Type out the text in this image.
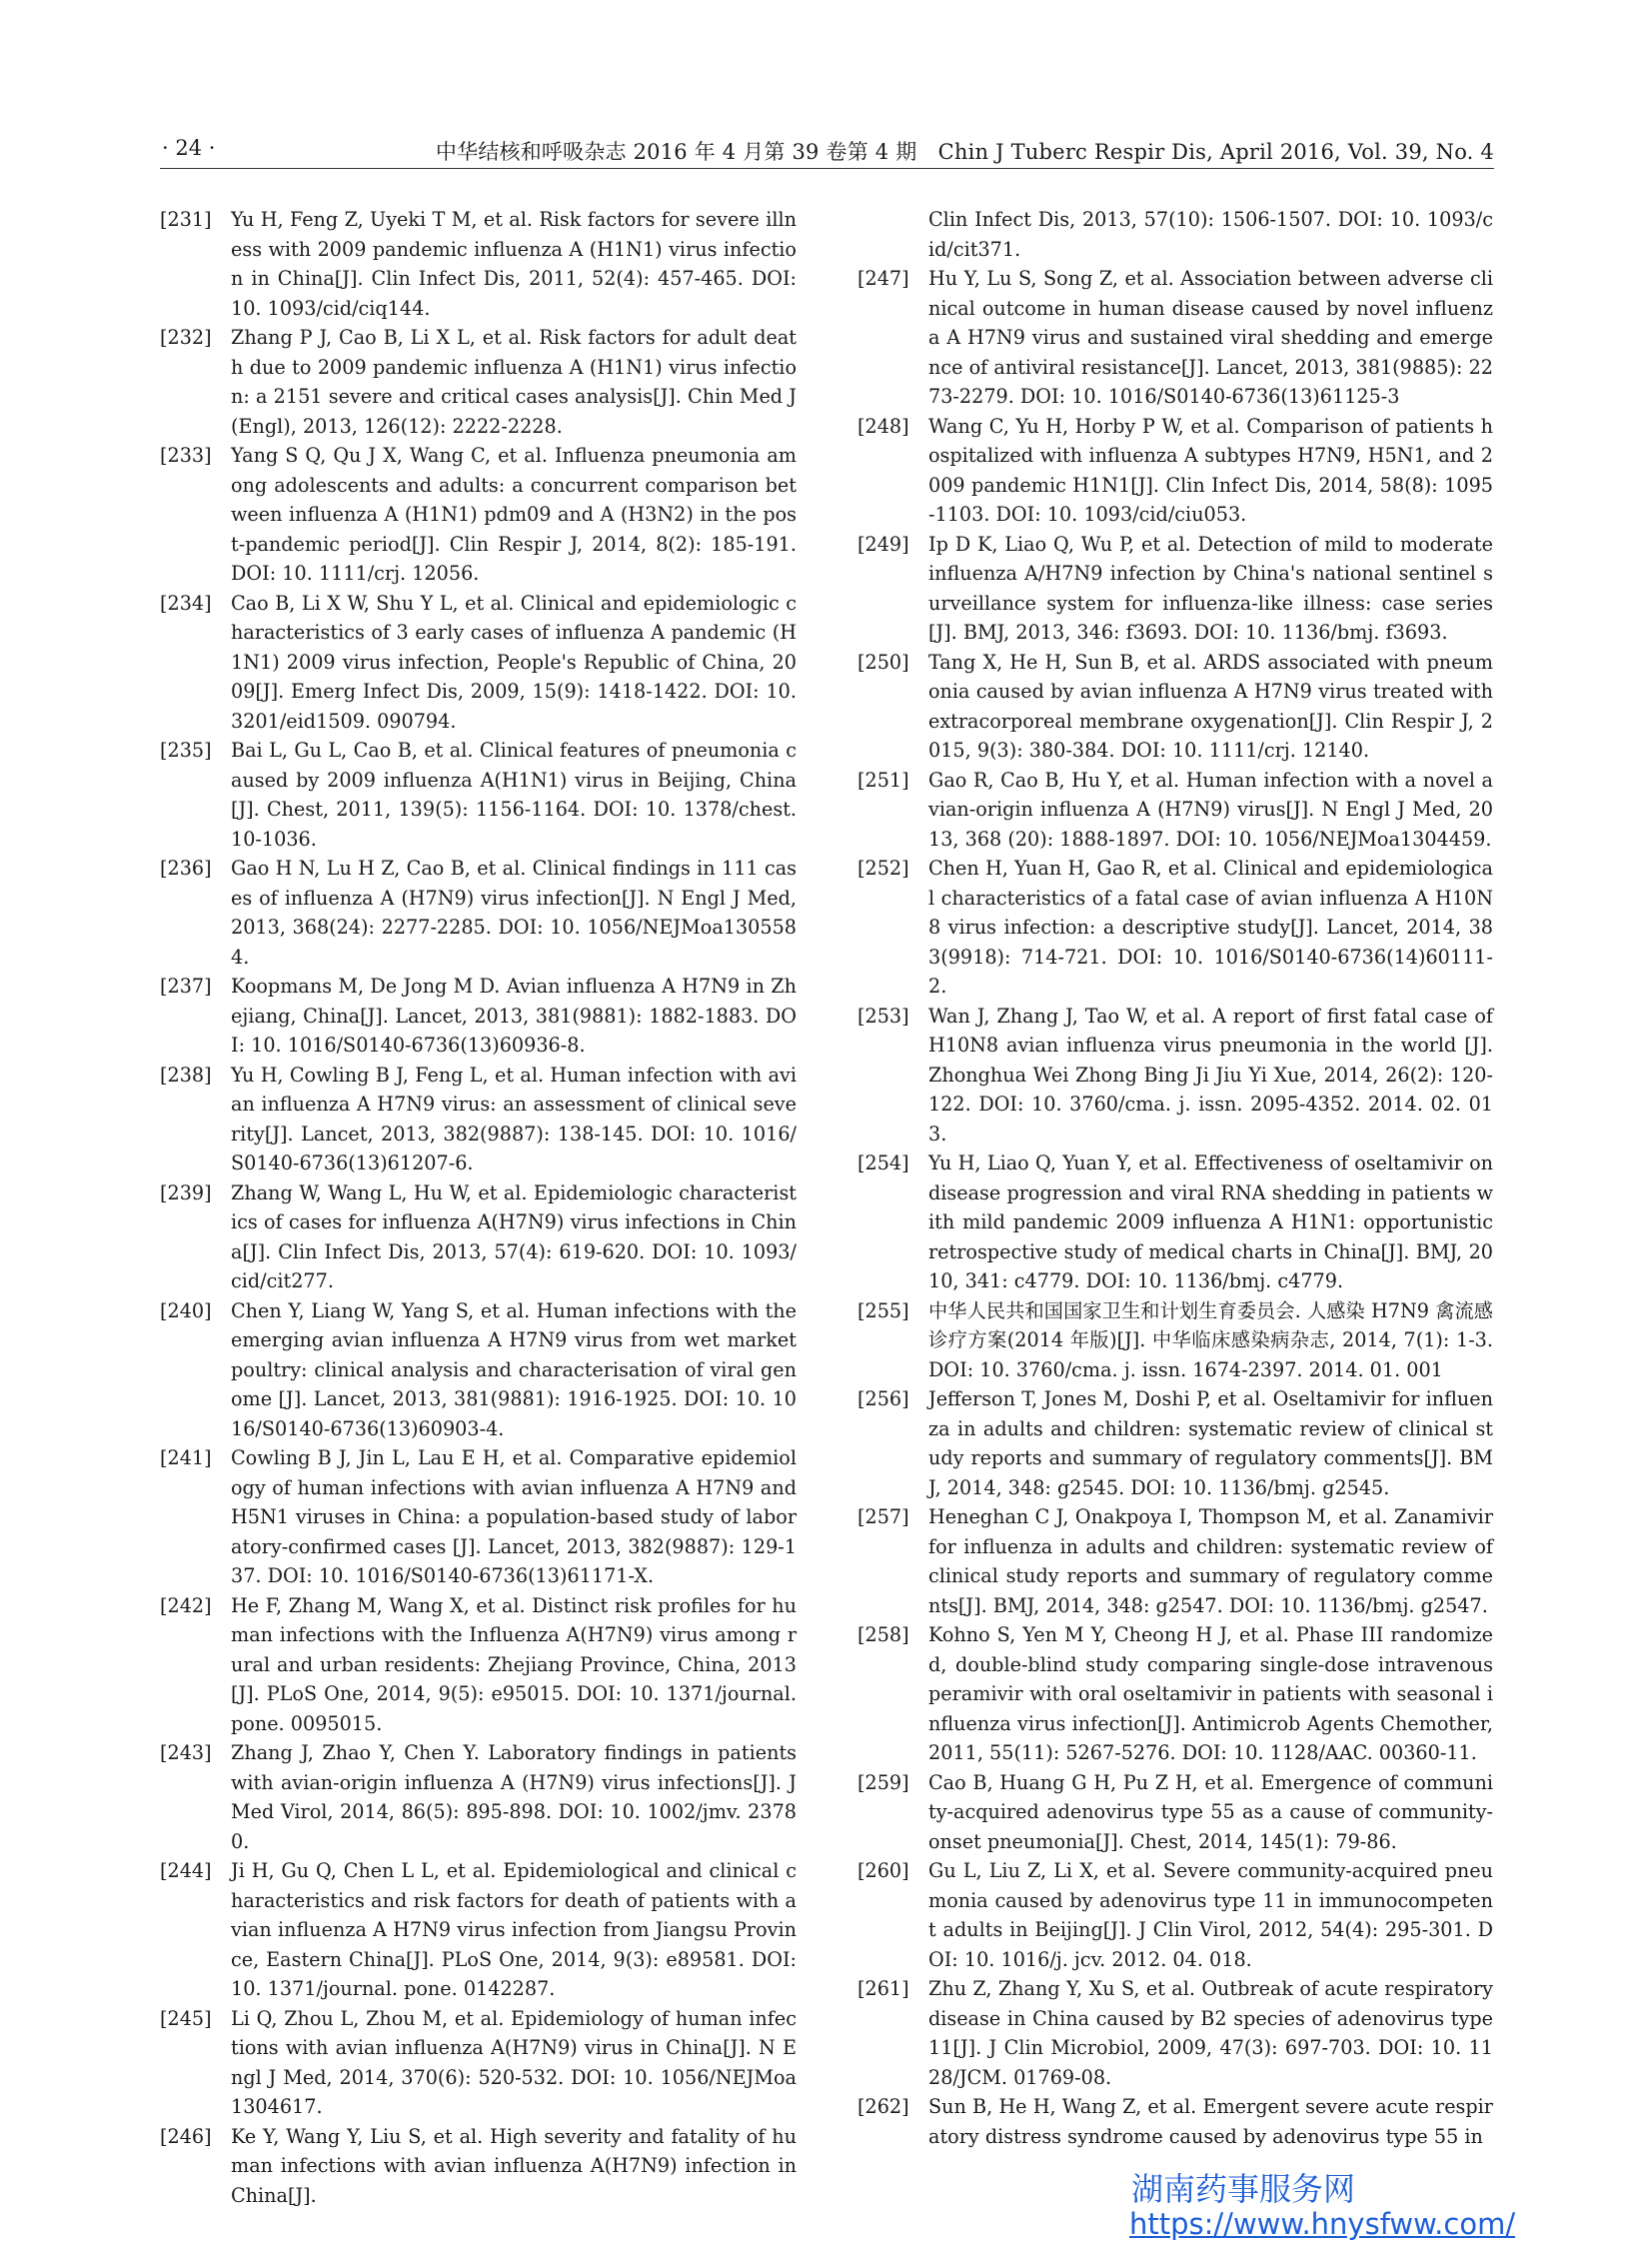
· 24 ·	中华结核和呼吸杂志 2016 年 4 月第 39 卷第 4 期　Chin J Tuberc Respir Dis, April 2016, Vol. 39, No. 4
[231] Yu H, Feng Z, Uyeki T M, et al. Risk factors for severe illness with 2009 pandemic influenza A (H1N1) virus infection in China[J]. Clin Infect Dis, 2011, 52(4): 457-465. DOI: 10. 1093/cid/ciq144.
[232] Zhang P J, Cao B, Li X L, et al. Risk factors for adult death due to 2009 pandemic influenza A (H1N1) virus infection: a 2151 severe and critical cases analysis[J]. Chin Med J (Engl), 2013, 126(12): 2222-2228.
[233] Yang S Q, Qu J X, Wang C, et al. Influenza pneumonia among adolescents and adults: a concurrent comparison between influenza A (H1N1) pdm09 and A (H3N2) in the post-pandemic period[J]. Clin Respir J, 2014, 8(2): 185-191. DOI: 10. 1111/crj. 12056.
[234] Cao B, Li X W, Shu Y L, et al. Clinical and epidemiologic characteristics of 3 early cases of influenza A pandemic (H1N1) 2009 virus infection, People's Republic of China, 2009[J]. Emerg Infect Dis, 2009, 15(9): 1418-1422. DOI: 10. 3201/eid1509. 090794.
[235] Bai L, Gu L, Cao B, et al. Clinical features of pneumonia caused by 2009 influenza A(H1N1) virus in Beijing, China [J]. Chest, 2011, 139(5): 1156-1164. DOI: 10. 1378/chest. 10-1036.
[236] Gao H N, Lu H Z, Cao B, et al. Clinical findings in 111 cases of influenza A (H7N9) virus infection[J]. N Engl J Med, 2013, 368(24): 2277-2285. DOI: 10. 1056/NEJMoa1305584.
[237] Koopmans M, De Jong M D. Avian influenza A H7N9 in Zhejiang, China[J]. Lancet, 2013, 381(9881): 1882-1883. DOI: 10. 1016/S0140-6736(13)60936-8.
[238] Yu H, Cowling B J, Feng L, et al. Human infection with avian influenza A H7N9 virus: an assessment of clinical severity[J]. Lancet, 2013, 382(9887): 138-145. DOI: 10. 1016/S0140-6736(13)61207-6.
[239] Zhang W, Wang L, Hu W, et al. Epidemiologic characteristics of cases for influenza A(H7N9) virus infections in China[J]. Clin Infect Dis, 2013, 57(4): 619-620. DOI: 10. 1093/cid/cit277.
[240] Chen Y, Liang W, Yang S, et al. Human infections with the emerging avian influenza A H7N9 virus from wet market poultry: clinical analysis and characterisation of viral genome [J]. Lancet, 2013, 381(9881): 1916-1925. DOI: 10. 1016/S0140-6736(13)60903-4.
[241] Cowling B J, Jin L, Lau E H, et al. Comparative epidemiology of human infections with avian influenza A H7N9 and H5N1 viruses in China: a population-based study of laboratory-confirmed cases [J]. Lancet, 2013, 382(9887): 129-137. DOI: 10. 1016/S0140-6736(13)61171-X.
[242] He F, Zhang M, Wang X, et al. Distinct risk profiles for human infections with the Influenza A(H7N9) virus among rural and urban residents: Zhejiang Province, China, 2013[J]. PLoS One, 2014, 9(5): e95015. DOI: 10. 1371/journal. pone. 0095015.
[243] Zhang J, Zhao Y, Chen Y. Laboratory findings in patients with avian-origin influenza A (H7N9) virus infections[J]. J Med Virol, 2014, 86(5): 895-898. DOI: 10. 1002/jmv. 23780.
[244] Ji H, Gu Q, Chen L L, et al. Epidemiological and clinical characteristics and risk factors for death of patients with avian influenza A H7N9 virus infection from Jiangsu Province, Eastern China[J]. PLoS One, 2014, 9(3): e89581. DOI: 10. 1371/journal. pone. 0142287.
[245] Li Q, Zhou L, Zhou M, et al. Epidemiology of human infections with avian influenza A(H7N9) virus in China[J]. N Engl J Med, 2014, 370(6): 520-532. DOI: 10. 1056/NEJMoa1304617.
[246] Ke Y, Wang Y, Liu S, et al. High severity and fatality of human infections with avian influenza A(H7N9) infection in China[J].
Clin Infect Dis, 2013, 57(10): 1506-1507. DOI: 10. 1093/cid/cit371.
[247] Hu Y, Lu S, Song Z, et al. Association between adverse clinical outcome in human disease caused by novel influenza A H7N9 virus and sustained viral shedding and emergence of antiviral resistance[J]. Lancet, 2013, 381(9885): 2273-2279. DOI: 10. 1016/S0140-6736(13)61125-3
[248] Wang C, Yu H, Horby P W, et al. Comparison of patients hospitalized with influenza A subtypes H7N9, H5N1, and 2009 pandemic H1N1[J]. Clin Infect Dis, 2014, 58(8): 1095-1103. DOI: 10. 1093/cid/ciu053.
[249] Ip D K, Liao Q, Wu P, et al. Detection of mild to moderate influenza A/H7N9 infection by China's national sentinel surveillance system for influenza-like illness: case series[J]. BMJ, 2013, 346: f3693. DOI: 10. 1136/bmj. f3693.
[250] Tang X, He H, Sun B, et al. ARDS associated with pneumonia caused by avian influenza A H7N9 virus treated with extracorporeal membrane oxygenation[J]. Clin Respir J, 2015, 9(3): 380-384. DOI: 10. 1111/crj. 12140.
[251] Gao R, Cao B, Hu Y, et al. Human infection with a novel avian-origin influenza A (H7N9) virus[J]. N Engl J Med, 2013, 368 (20): 1888-1897. DOI: 10. 1056/NEJMoa1304459.
[252] Chen H, Yuan H, Gao R, et al. Clinical and epidemiological characteristics of a fatal case of avian influenza A H10N8 virus infection: a descriptive study[J]. Lancet, 2014, 383(9918): 714-721. DOI: 10. 1016/S0140-6736(14)60111-2.
[253] Wan J, Zhang J, Tao W, et al. A report of first fatal case of H10N8 avian influenza virus pneumonia in the world [J]. Zhonghua Wei Zhong Bing Ji Jiu Yi Xue, 2014, 26(2): 120-122. DOI: 10. 3760/cma. j. issn. 2095-4352. 2014. 02. 013.
[254] Yu H, Liao Q, Yuan Y, et al. Effectiveness of oseltamivir on disease progression and viral RNA shedding in patients with mild pandemic 2009 influenza A H1N1: opportunistic retrospective study of medical charts in China[J]. BMJ, 2010, 341: c4779. DOI: 10. 1136/bmj. c4779.
[255] 中华人民共和国国家卫生和计划生育委员会. 人感染 H7N9 禽流感诊疗方案(2014 年版)[J]. 中华临床感染病杂志, 2014, 7(1): 1-3. DOI: 10. 3760/cma. j. issn. 1674-2397. 2014. 01. 001
[256] Jefferson T, Jones M, Doshi P, et al. Oseltamivir for influenza in adults and children: systematic review of clinical study reports and summary of regulatory comments[J]. BMJ, 2014, 348: g2545. DOI: 10. 1136/bmj. g2545.
[257] Heneghan C J, Onakpoya I, Thompson M, et al. Zanamivir for influenza in adults and children: systematic review of clinical study reports and summary of regulatory comments[J]. BMJ, 2014, 348: g2547. DOI: 10. 1136/bmj. g2547.
[258] Kohno S, Yen M Y, Cheong H J, et al. Phase III randomized, double-blind study comparing single-dose intravenous peramivir with oral oseltamivir in patients with seasonal influenza virus infection[J]. Antimicrob Agents Chemother, 2011, 55(11): 5267-5276. DOI: 10. 1128/AAC. 00360-11.
[259] Cao B, Huang G H, Pu Z H, et al. Emergence of community-acquired adenovirus type 55 as a cause of community-onset pneumonia[J]. Chest, 2014, 145(1): 79-86.
[260] Gu L, Liu Z, Li X, et al. Severe community-acquired pneumonia caused by adenovirus type 11 in immunocompetent adults in Beijing[J]. J Clin Virol, 2012, 54(4): 295-301. DOI: 10. 1016/j. jcv. 2012. 04. 018.
[261] Zhu Z, Zhang Y, Xu S, et al. Outbreak of acute respiratory disease in China caused by B2 species of adenovirus type 11[J]. J Clin Microbiol, 2009, 47(3): 697-703. DOI: 10. 1128/JCM. 01769-08.
[262] Sun B, He H, Wang Z, et al. Emergent severe acute respiratory distress syndrome caused by adenovirus type 55 in
湖南药事服务网
https://www.hnysfww.com/
